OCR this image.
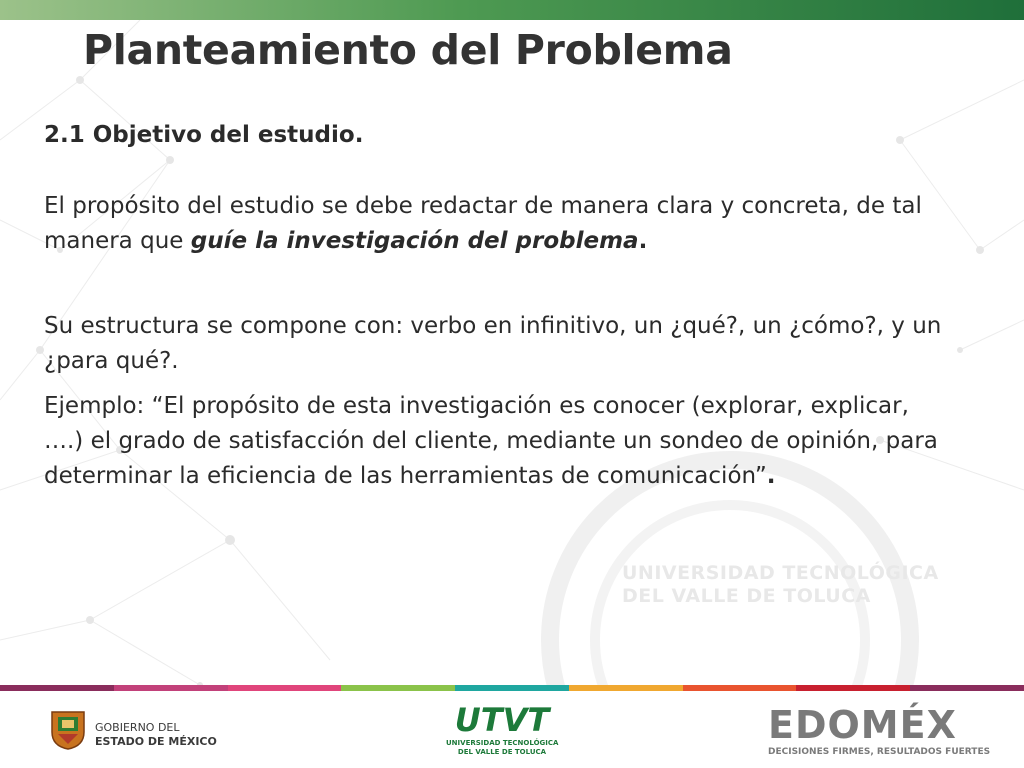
UNIVERSIDAD TECNOLÓGICA
DEL VALLE DE TOLUCA
Planteamiento del Problema

2.1 Objetivo del estudio.

El propósito del estudio se debe redactar de manera clara y concreta, de tal manera que guíe la investigación del problema.

Su estructura se compone con: verbo en infinitivo, un ¿qué?, un ¿cómo?, y un ¿para qué?.

Ejemplo: “El propósito de esta investigación es conocer (explorar, explicar, ….) el grado de satisfacción del cliente, mediante un sondeo de opinión, para determinar la eficiencia de las herramientas de comunicación”.

GOBIERNO DEL
ESTADO DE MÉXICO
UTVT
UNIVERSIDAD TECNOLÓGICA
DEL VALLE DE TOLUCA
EDOMÉX
DECISIONES FIRMES, RESULTADOS FUERTES
